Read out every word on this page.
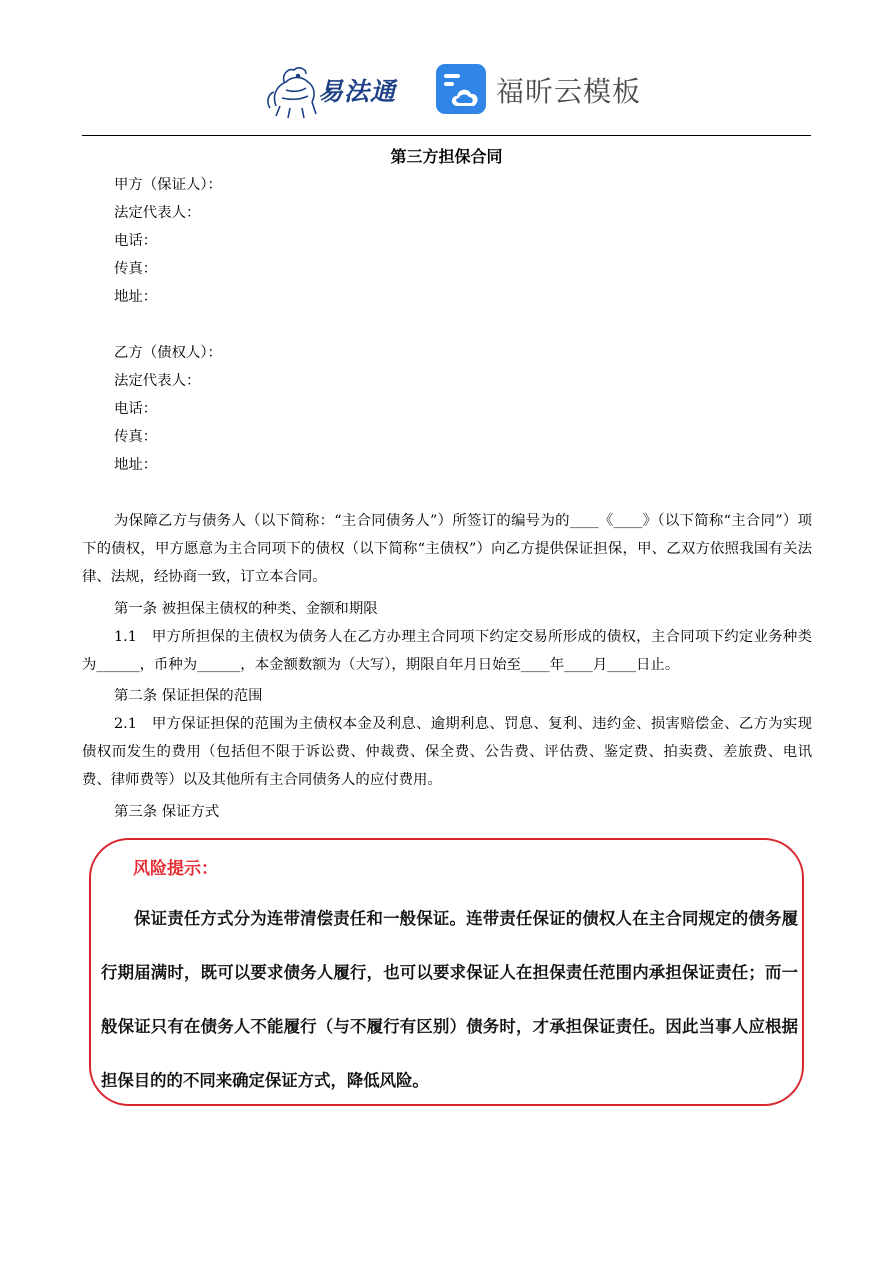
易法通	福昕云模板
第三方担保合同
甲方（保证人）：
法定代表人：
电话：
传真：
地址：
乙方（债权人）：
法定代表人：
电话：
传真：
地址：
为保障乙方与债务人（以下简称：“主合同债务人”）所签订的编号为的____《____》（以下简称“主合同”）项下的债权，甲方愿意为主合同项下的债权（以下简称“主债权”）向乙方提供保证担保，甲、乙双方依照我国有关法律、法规，经协商一致，订立本合同。
第一条 被担保主债权的种类、金额和期限
1.1　甲方所担保的主债权为债务人在乙方办理主合同项下约定交易所形成的债权，主合同项下约定业务种类为______，币种为______，本金额数额为（大写），期限自年月日始至____年____月____日止。
第二条 保证担保的范围
2.1　甲方保证担保的范围为主债权本金及利息、逾期利息、罚息、复利、违约金、损害赔偿金、乙方为实现债权而发生的费用（包括但不限于诉讼费、仲裁费、保全费、公告费、评估费、鉴定费、拍卖费、差旅费、电讯费、律师费等）以及其他所有主合同债务人的应付费用。
第三条 保证方式
风险提示：
保证责任方式分为连带清偿责任和一般保证。连带责任保证的债权人在主合同规定的债务履行期届满时，既可以要求债务人履行，也可以要求保证人在担保责任范围内承担保证责任；而一般保证只有在债务人不能履行（与不履行有区别）债务时，才承担保证责任。因此当事人应根据担保目的的不同来确定保证方式，降低风险。
